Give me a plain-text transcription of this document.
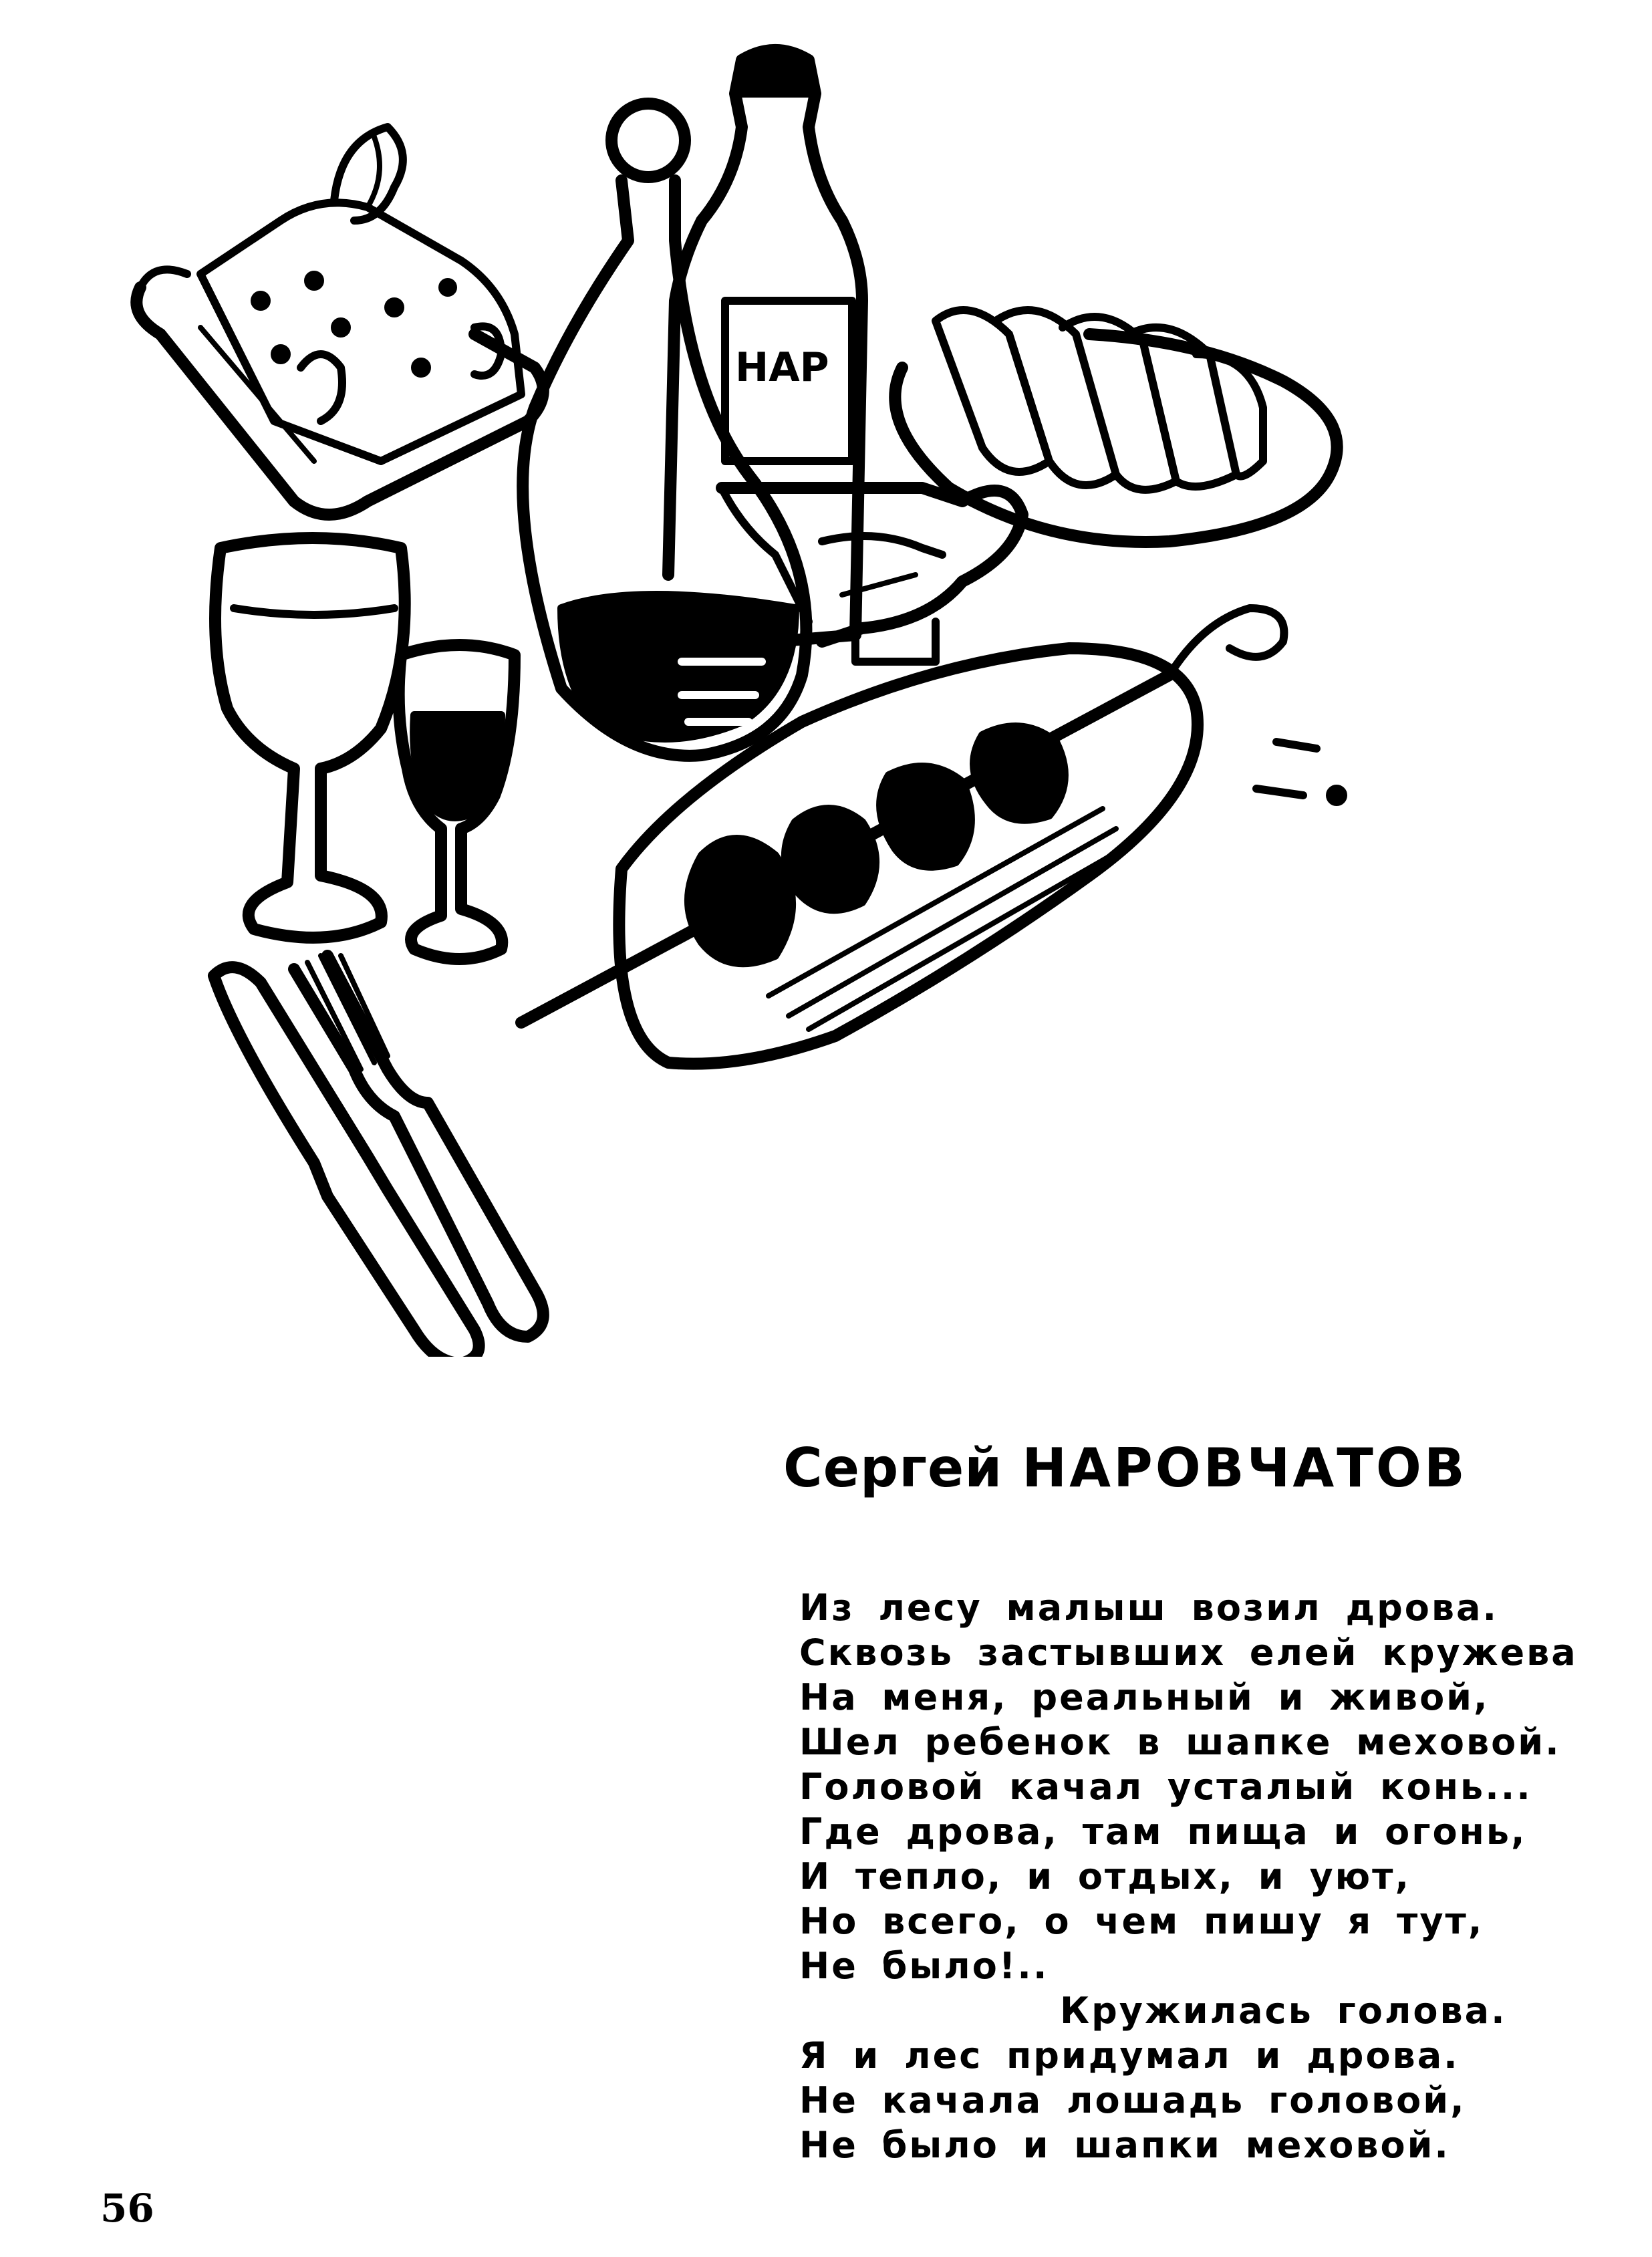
НАР
Сергей НАРОВЧАТОВ
Из лесу малыш возил дрова.
Сквозь застывших елей кружева
На меня, реальный и живой,
Шел ребенок в шапке меховой.
Головой качал усталый конь...
Где дрова, там пища и огонь,
И тепло, и отдых, и уют,
Но всего, о чем пишу я тут,
Не было!..
Кружилась голова.
Я и лес придумал и дрова.
Не качала лошадь головой,
Не было и шапки меховой.
56
